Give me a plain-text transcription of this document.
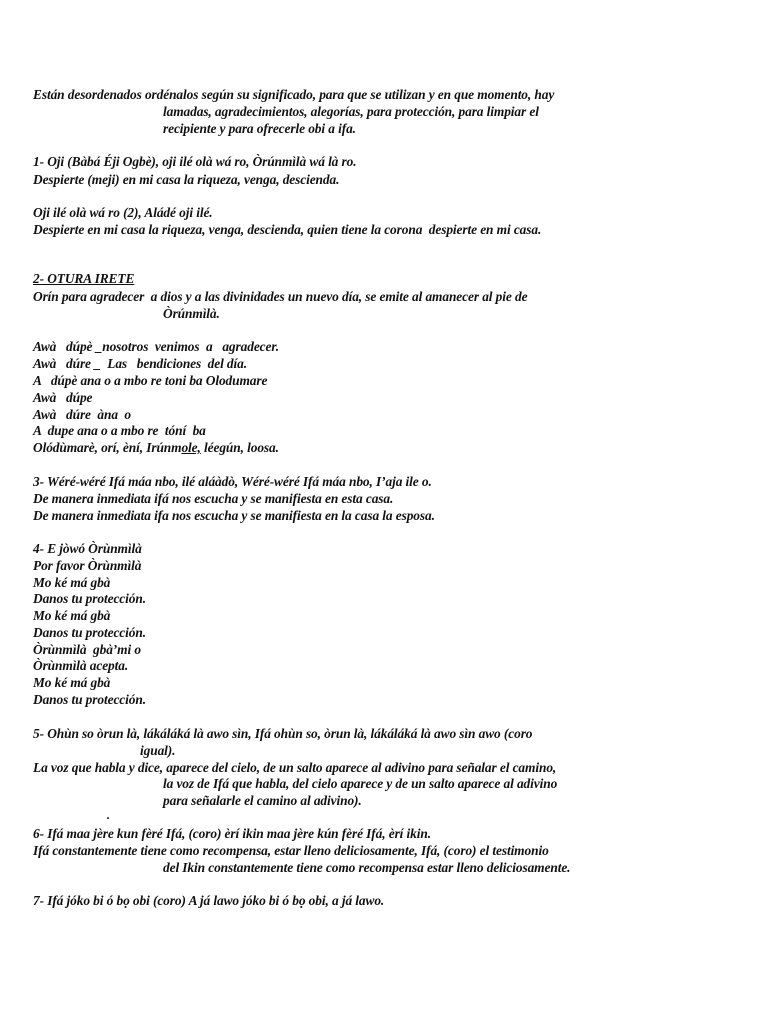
Están desordenados ordénalos según su significado, para que se utilizan y en que momento, hay
lamadas, agradecimientos, alegorías, para protección, para limpiar el
recipiente y para ofrecerle obi a ifa.
1- Oji (Bàbá Éji Ogbè), oji ilé olà wá ro, Òrúnmìlà wá là ro.
Despierte (meji) en mi casa la riqueza, venga, descienda.
Oji ilé olà wá ro (2), Aládé oji ilé.
Despierte en mi casa la riqueza, venga, descienda, quien tiene la corona  despierte en mi casa.
2- OTURA IRETE
Orín para agradecer  a dios y a las divinidades un nuevo día, se emite al amanecer al pie de
Òrúnmìlà.
Awà   dúpè _nosotros  venimos  a   agradecer.
Awà   dúre _  Las   bendiciones  del día.
A   dúpè ana o a mbo re toni ba Olodumare
Awà   dúpe
Awà   dúre  àna  o
A  dupe ana o a mbo re  tóní  ba
Olódùmarè, orí, èní, Irúnmole, léegún, loosa.
3- Wéré-wéré Ifá máa nbo, ilé aláàdò, Wéré-wéré Ifá máa nbo, I’aja ile o.
De manera inmediata ifá nos escucha y se manifiesta en esta casa.
De manera inmediata ifa nos escucha y se manifiesta en la casa la esposa.
4- E jòwó Òrùnmìlà
Por favor Òrùnmìlà
Mo ké má gbà
Danos tu protección.
Mo ké má gbà
Danos tu protección.
Òrùnmìlà  gbà’mi o
Òrùnmìlà acepta.
Mo ké má gbà
Danos tu protección.
5- Ohùn so òrun là, lákáláká là awo sìn, Ifá ohùn so, òrun là, lákáláká là awo sìn awo (coro
igual).
La voz que habla y dice, aparece del cielo, de un salto aparece al adivino para señalar el camino,
la voz de Ifá que habla, del cielo aparece y de un salto aparece al adivino
para señalarle el camino al adivino).
.
6- Ifá maa jère kun fèré Ifá, (coro) èrí ikin maa jère kún fèré Ifá, èrí ikin.
Ifá constantemente tiene como recompensa, estar lleno deliciosamente, Ifá, (coro) el testimonio
del Ikin constantemente tiene como recompensa estar lleno deliciosamente.
7- Ifá jóko bi ó bọ obi (coro) A já lawo jóko bi ó bọ obi, a já lawo.
